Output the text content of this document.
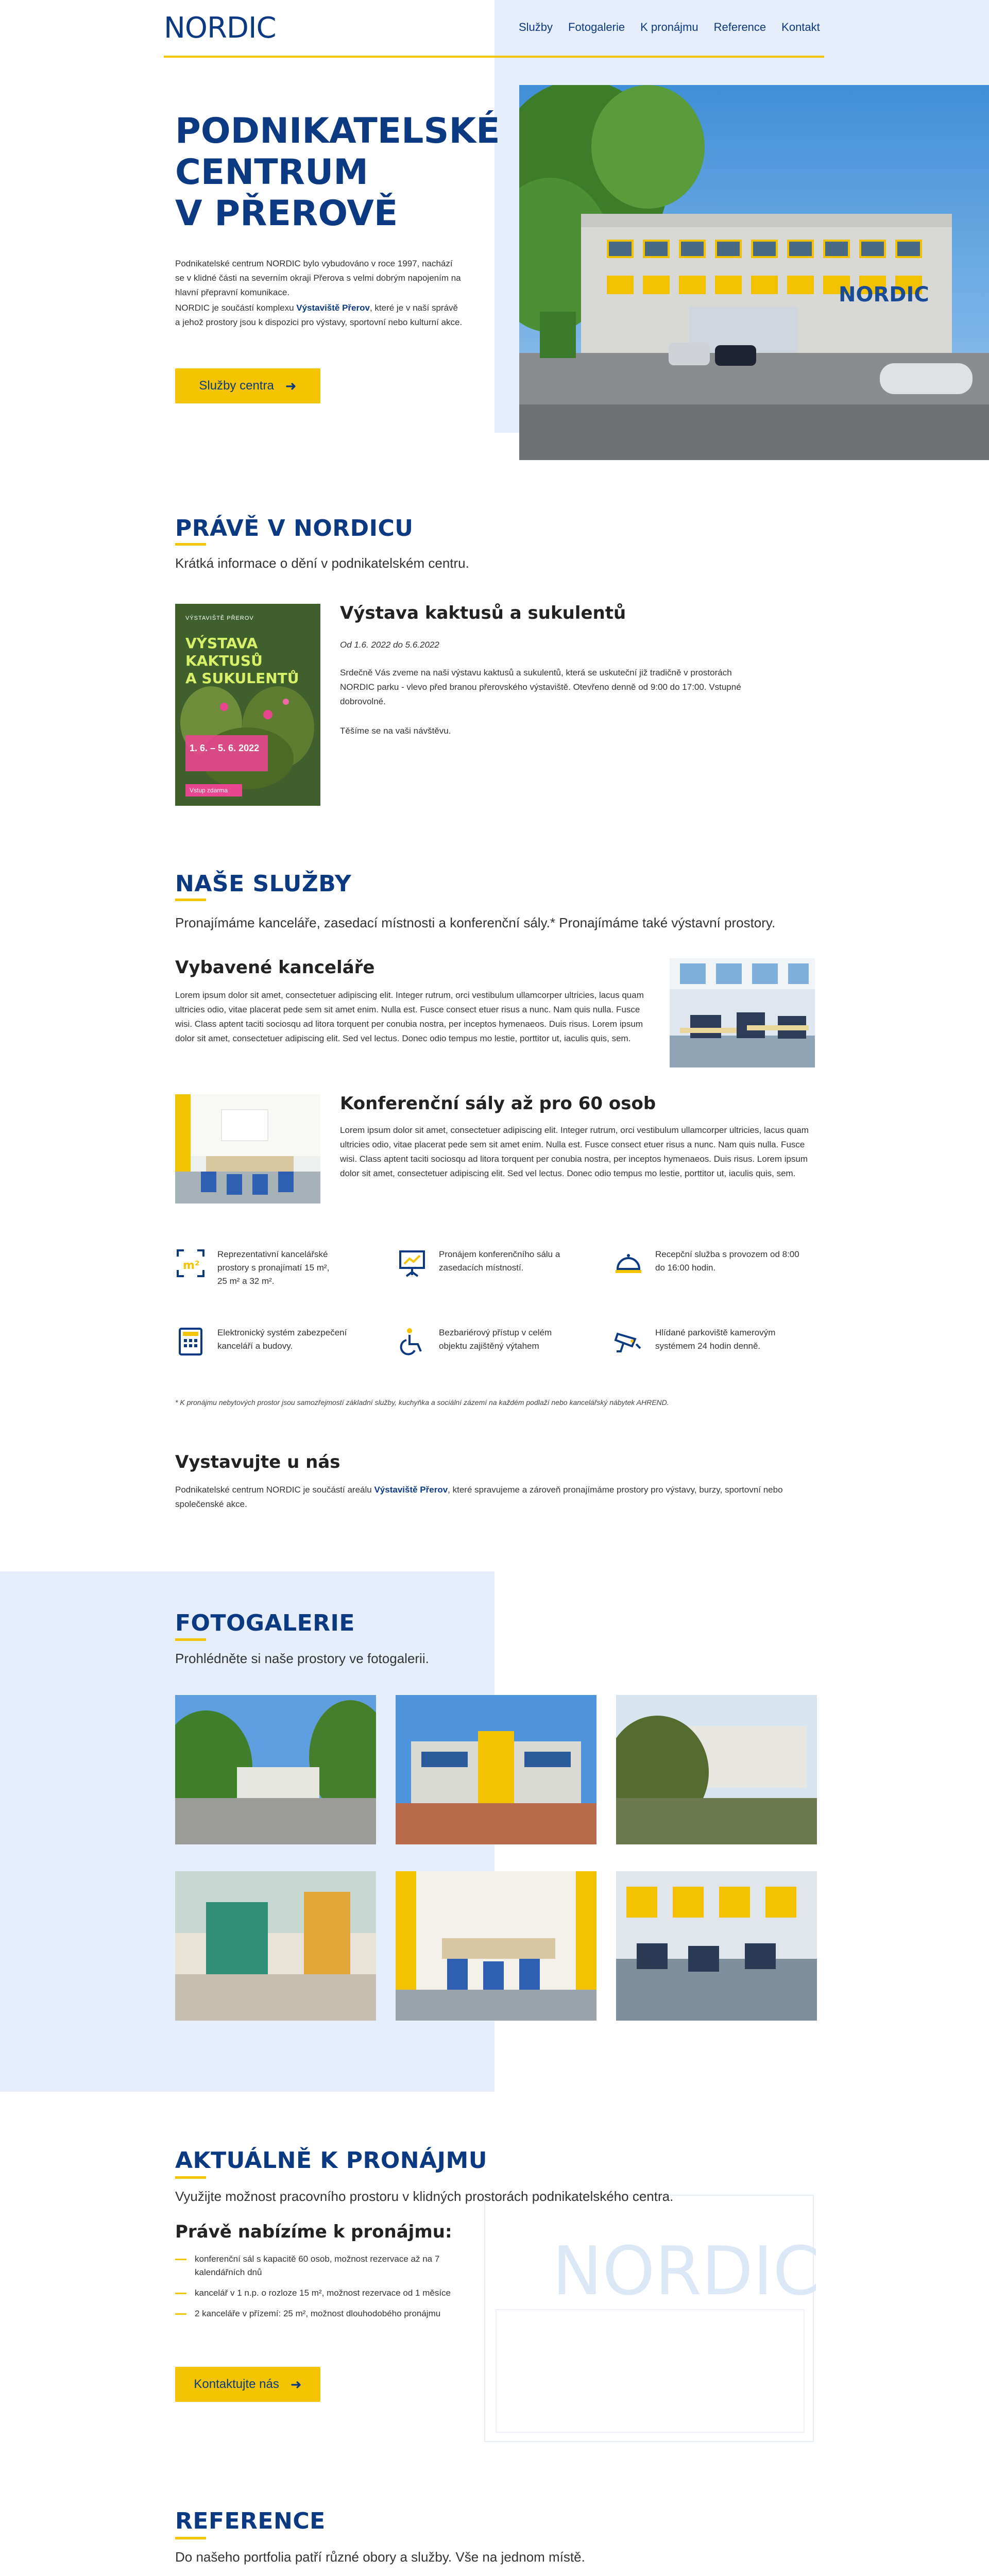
NORDIC	Služby Fotogalerie K pronájmu Reference Kontakt
PODNIKATELSKÉ
CENTRUM
V PŘEROVĚ

Podnikatelské centrum NORDIC bylo vybudováno v roce 1997, nachází se v klidné části na severním okraji Přerova s velmi dobrým napojením na hlavní přepravní komunikace.

NORDIC je součástí komplexu Výstaviště Přerov, které je v naší správě a jehož prostory jsou k dispozici pro výstavy, sportovní nebo kulturní akce.

Služby centra ➜
NORDIC
PRÁVĚ V NORDICU

Krátká informace o dění v podnikatelském centru.

VÝSTAVIŠTĚ PŘEROV
VÝSTAVA KAKTUSŮ
A SUKULENTŮ
1. 6. – 5. 6. 2022
Vstup zdarma
Výstava kaktusů a sukulentů

Od 1.6. 2022 do 5.6.2022

Srdečně Vás zveme na naši výstavu kaktusů a sukulentů, která se uskuteční již tradičně v prostorách NORDIC parku - vlevo před branou přerovského výstaviště. Otevřeno denně od 9:00 do 17:00. Vstupné dobrovolné.

Těšíme se na vaši návštěvu.

NAŠE SLUŽBY

Pronajímáme kanceláře, zasedací místnosti a konferenční sály.* Pronajímáme také výstavní prostory.

Vybavené kanceláře

Lorem ipsum dolor sit amet, consectetuer adipiscing elit. Integer rutrum, orci vestibulum ullamcorper ultricies, lacus quam ultricies odio, vitae placerat pede sem sit amet enim. Nulla est. Fusce consect etuer risus a nunc. Nam quis nulla. Fusce wisi. Class aptent taciti sociosqu ad litora torquent per conubia nostra, per inceptos hymenaeos. Duis risus. Lorem ipsum dolor sit amet, consectetuer adipiscing elit. Sed vel lectus. Donec odio tempus mo lestie, porttitor ut, iaculis quis, sem.

Konferenční sály až pro 60 osob

Lorem ipsum dolor sit amet, consectetuer adipiscing elit. Integer rutrum, orci vestibulum ullamcorper ultricies, lacus quam ultricies odio, vitae placerat pede sem sit amet enim. Nulla est. Fusce consect etuer risus a nunc. Nam quis nulla. Fusce wisi. Class aptent taciti sociosqu ad litora torquent per conubia nostra, per inceptos hymenaeos. Duis risus. Lorem ipsum dolor sit amet, consectetuer adipiscing elit. Sed vel lectus. Donec odio tempus mo lestie, porttitor ut, iaculis quis, sem.

m²
Reprezentativní kancelářské prostory s pronajímatí 15 m², 25 m² a 32 m².
Pronájem konferenčního sálu a zasedacích místností.
Recepční služba s provozem od 8:00 do 16:00 hodin.
Elektronický systém zabezpečení kanceláří a budovy.
Bezbariérový přístup v celém objektu zajištěný výtahem
Hlídané parkoviště kamerovým systémem 24 hodin denně.

* K pronájmu nebytových prostor jsou samozřejmostí základní služby, kuchyňka a sociální zázemí na každém podlaží nebo kancelářský nábytek AHREND.

Vystavujte u nás

Podnikatelské centrum NORDIC je součástí areálu Výstaviště Přerov, které spravujeme a zároveň pronajímáme prostory pro výstavy, burzy, sportovní nebo společenské akce.

FOTOGALERIE

Prohlédněte si naše prostory ve fotogalerii.

NORDIC
AKTUÁLNĚ K PRONÁJMU

Využijte možnost pracovního prostoru v klidných prostorách podnikatelského centra.

Právě nabízíme k pronájmu:
konferenční sál s kapacitě 60 osob, možnost rezervace až na 7 kalendářních dnů
kancelář v 1 n.p. o rozloze 15 m², možnost rezervace od 1 měsíce
2 kanceláře v přízemí: 25 m², možnost dlouhodobého pronájmu
Kontaktujte nás ➜
REFERENCE

Do našeho portfolia patří různé obory a služby. Vše na jednom místě.
